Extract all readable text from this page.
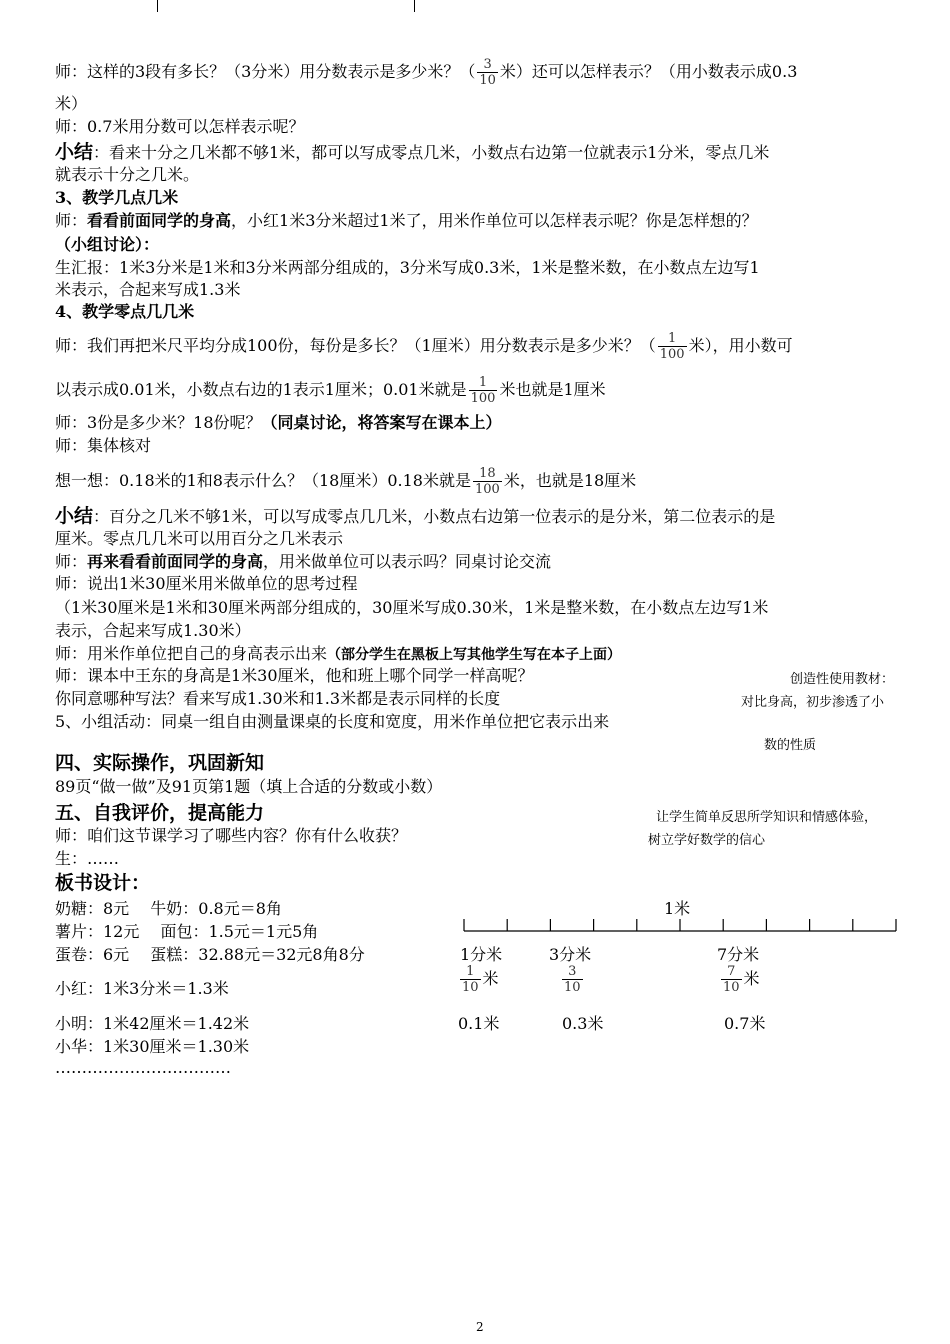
师：这样的3段有多长？（3分米）用分数表示是多少米？（ $\frac{3}{10}$ 米）还可以怎样表示？（用小数表示成0.3
米）
师：0.7米用分数可以怎样表示呢？
小结：看来十分之几米都不够1米，都可以写成零点几米，小数点右边第一位就表示1分米，零点几米
就表示十分之几米。
3、教学几点几米
师：看看前面同学的身高，小红1米3分米超过1米了，用米作单位可以怎样表示呢？你是怎样想的？
（小组讨论）：
生汇报：1米3分米是1米和3分米两部分组成的，3分米写成0.3米，1米是整米数，在小数点左边写1
米表示，合起来写成1.3米
4、教学零点几几米
师：我们再把米尺平均分成100份，每份是多长？（1厘米）用分数表示是多少米？（ $\frac{1}{100}$ 米），用小数可
以表示成0.01米，小数点右边的1表示1厘米；0.01米就是 $\frac{1}{100}$ 米也就是1厘米
师：3份是多少米？18份呢？（同桌讨论，将答案写在课本上）
师：集体核对
想一想：0.18米的1和8表示什么？（18厘米）0.18米就是 $\frac{18}{100}$ 米，也就是18厘米
小结：百分之几米不够1米，可以写成零点几几米，小数点右边第一位表示的是分米，第二位表示的是
厘米。零点几几米可以用百分之几米表示
师：再来看看前面同学的身高，用米做单位可以表示吗？同桌讨论交流
师：说出1米30厘米用米做单位的思考过程
（1米30厘米是1米和30厘米两部分组成的，30厘米写成0.30米，1米是整米数，在小数点左边写1米
表示，合起来写成1.30米）
师：用米作单位把自己的身高表示出来（部分学生在黑板上写其他学生写在本子上面）
师：课本中王东的身高是1米30厘米，他和班上哪个同学一样高呢？
你同意哪种写法？看来写成1.30米和1.3米都是表示同样的长度
5、小组活动：同桌一组自由测量课桌的长度和宽度，用米作单位把它表示出来
创造性使用教材：
对比身高，初步渗透了小
数的性质
四、实际操作，巩固新知
89页“做一做”及91页第1题（填上合适的分数或小数）
五、自我评价，提高能力
师：咱们这节课学习了哪些内容？你有什么收获？
生：……
让学生简单反思所学知识和情感体验，
树立学好数学的信心
板书设计：
奶糖：8元　 牛奶：0.8元＝8角
薯片：12元　 面包：1.5元＝1元5角
蛋卷：6元　 蛋糕：32.88元＝32元8角8分
小红：1米3分米＝1.3米
小明：1米42厘米＝1.42米
小华：1米30厘米＝1.30米
……………………………
1米
1分米	3分米	7分米
$\frac{1}{10}$ 米	$\frac{3}{10}$	$\frac{7}{10}$ 米
0.1米	0.3米	0.7米
2
